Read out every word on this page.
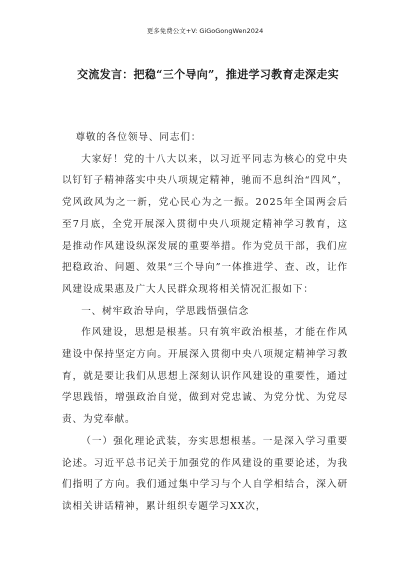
更多免费公文+V: GiGoGongWen2024
交流发言：把稳“三个导向”，推进学习教育走深走实

尊敬的各位领导、同志们：

大家好！党的十八大以来，以习近平同志为核心的党中央以钉钉子精神落实中央八项规定精神，驰而不息纠治“四风”，党风政风为之一新，党心民心为之一振。2025年全国两会后至7月底，全党开展深入贯彻中央八项规定精神学习教育，这是推动作风建设纵深发展的重要举措。作为党员干部，我们应把稳政治、问题、效果“三个导向”一体推进学、查、改，让作风建设成果惠及广大人民群众现将相关情况汇报如下：

一、树牢政治导向，学思践悟强信念

作风建设，思想是根基。只有筑牢政治根基，才能在作风建设中保持坚定方向。开展深入贯彻中央八项规定精神学习教育，就是要让我们从思想上深刻认识作风建设的重要性，通过学思践悟，增强政治自觉，做到对党忠诚、为党分忧、为党尽责、为党奉献。

（一）强化理论武装，夯实思想根基。一是深入学习重要论述。习近平总书记关于加强党的作风建设的重要论述，为我们指明了方向。我们通过集中学习与个人自学相结合，深入研读相关讲话精神，累计组织专题学习XX次，
